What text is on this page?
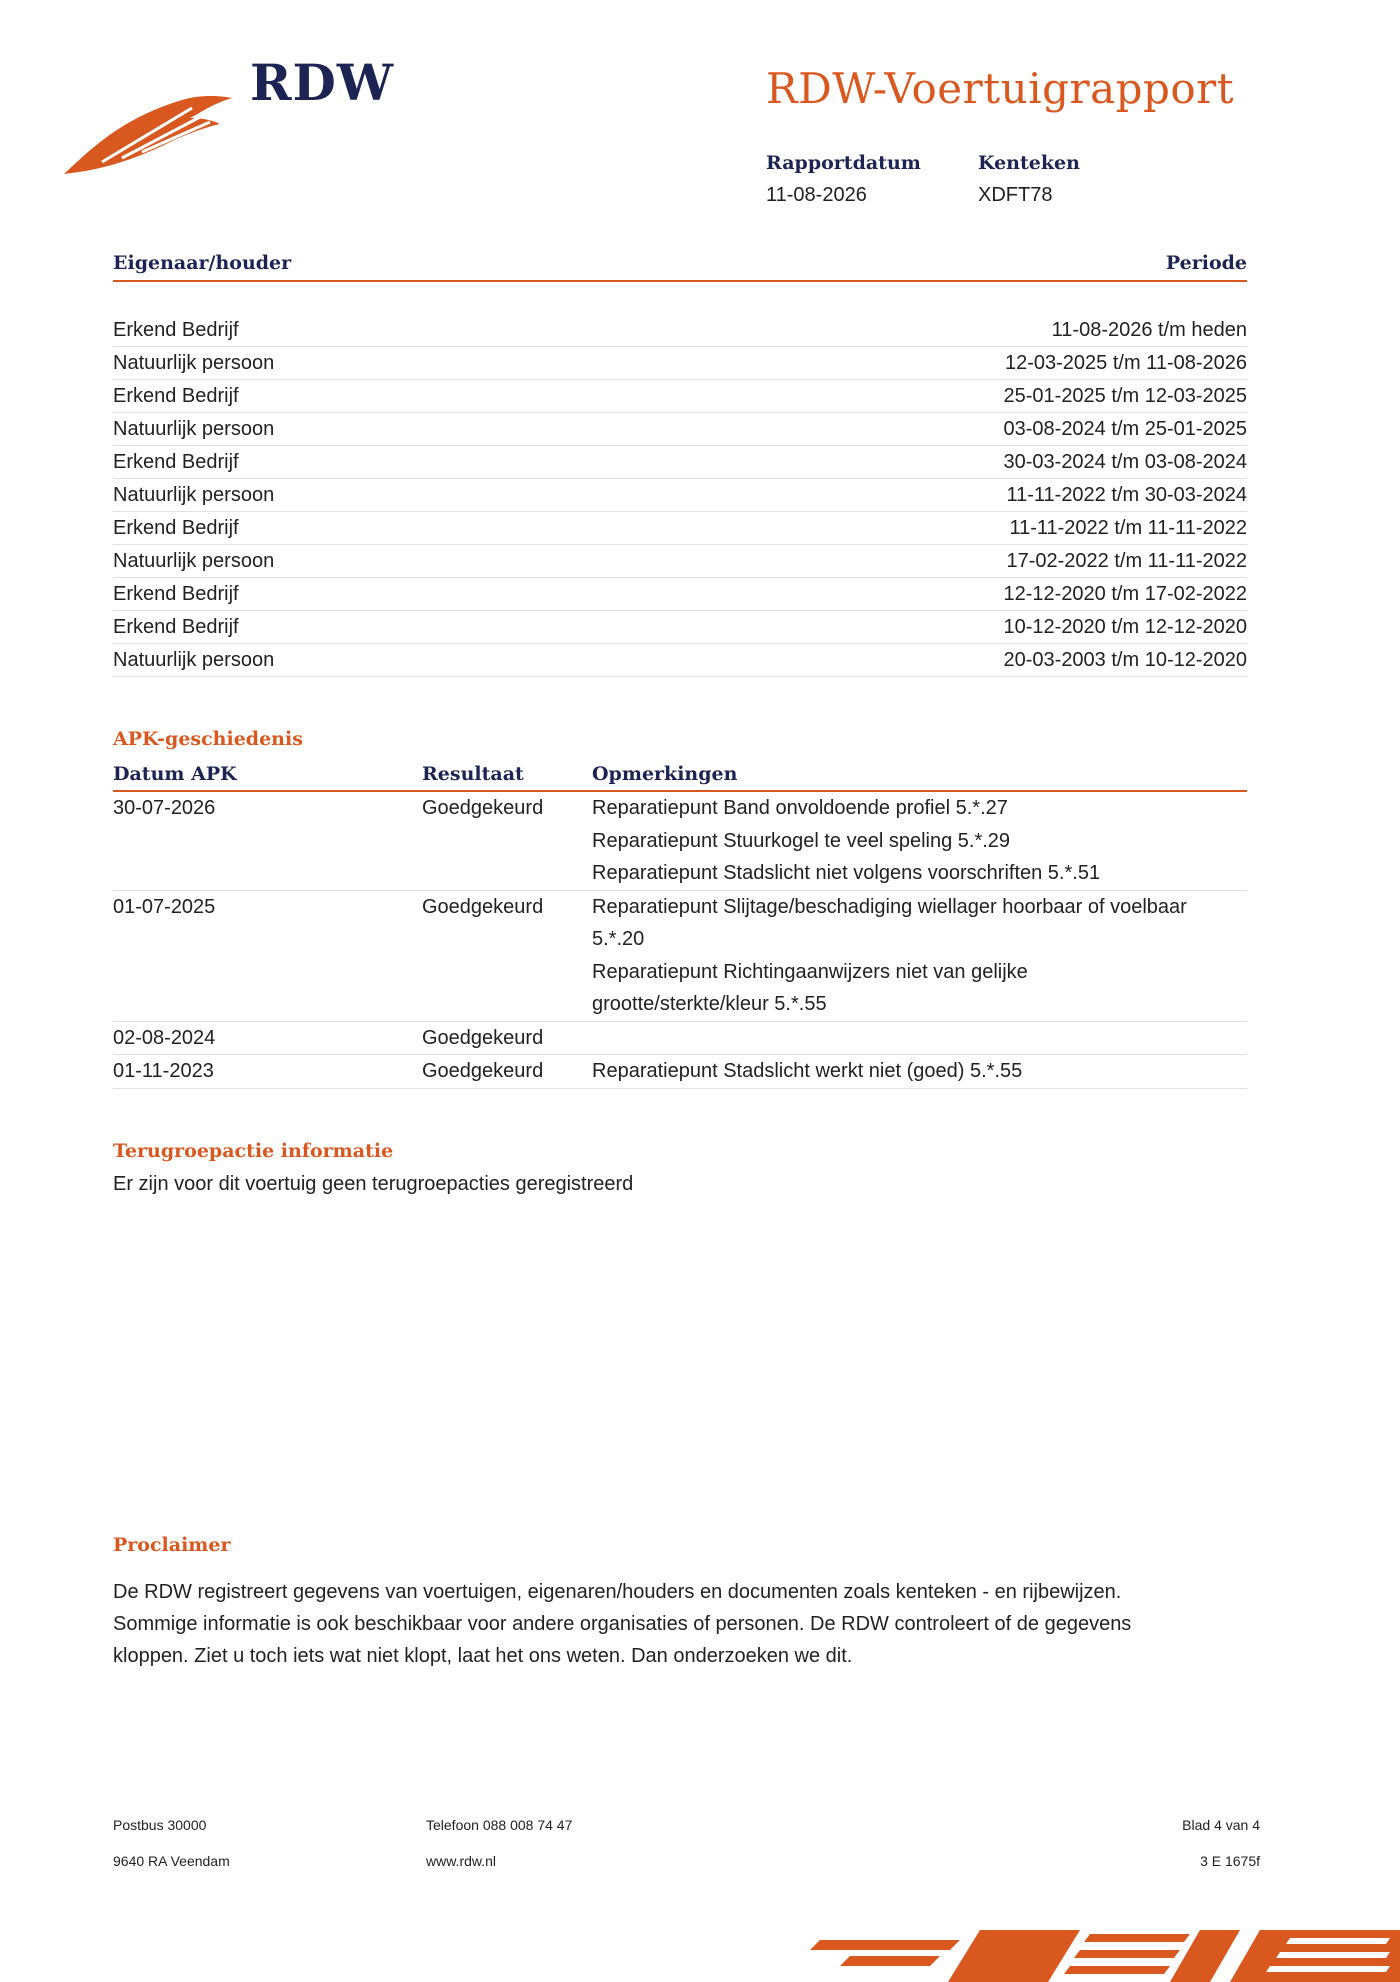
RDW	RDW-Voertuigrapport
Rapportdatum
11-08-2026
Kenteken
XDFT78
Eigenaar/houder	Periode
Erkend Bedrijf	11-08-2026 t/m heden
Natuurlijk persoon	12-03-2025 t/m 11-08-2026
Erkend Bedrijf	25-01-2025 t/m 12-03-2025
Natuurlijk persoon	03-08-2024 t/m 25-01-2025
Erkend Bedrijf	30-03-2024 t/m 03-08-2024
Natuurlijk persoon	11-11-2022 t/m 30-03-2024
Erkend Bedrijf	11-11-2022 t/m 11-11-2022
Natuurlijk persoon	17-02-2022 t/m 11-11-2022
Erkend Bedrijf	12-12-2020 t/m 17-02-2022
Erkend Bedrijf	10-12-2020 t/m 12-12-2020
Natuurlijk persoon	20-03-2003 t/m 10-12-2020
APK-geschiedenis
Datum APK	Resultaat	Opmerkingen
30-07-2026	Goedgekeurd	Reparatiepunt Band onvoldoende profiel 5.*.27
Reparatiepunt Stuurkogel te veel speling 5.*.29
Reparatiepunt Stadslicht niet volgens voorschriften 5.*.51
01-07-2025	Goedgekeurd	Reparatiepunt Slijtage/beschadiging wiellager hoorbaar of voelbaar
5.*.20
Reparatiepunt Richtingaanwijzers niet van gelijke
grootte/sterkte/kleur 5.*.55
02-08-2024	Goedgekeurd
01-11-2023	Goedgekeurd	Reparatiepunt Stadslicht werkt niet (goed) 5.*.55
Terugroepactie informatie
Er zijn voor dit voertuig geen terugroepacties geregistreerd
Proclaimer
De RDW registreert gegevens van voertuigen, eigenaren/houders en documenten zoals kenteken - en rijbewijzen.
Sommige informatie is ook beschikbaar voor andere organisaties of personen. De RDW controleert of de gegevens
kloppen. Ziet u toch iets wat niet klopt, laat het ons weten. Dan onderzoeken we dit.
Postbus 30000
9640 RA Veendam
Telefoon 088 008 74 47
www.rdw.nl
Blad 4 van 4
3 E 1675f
